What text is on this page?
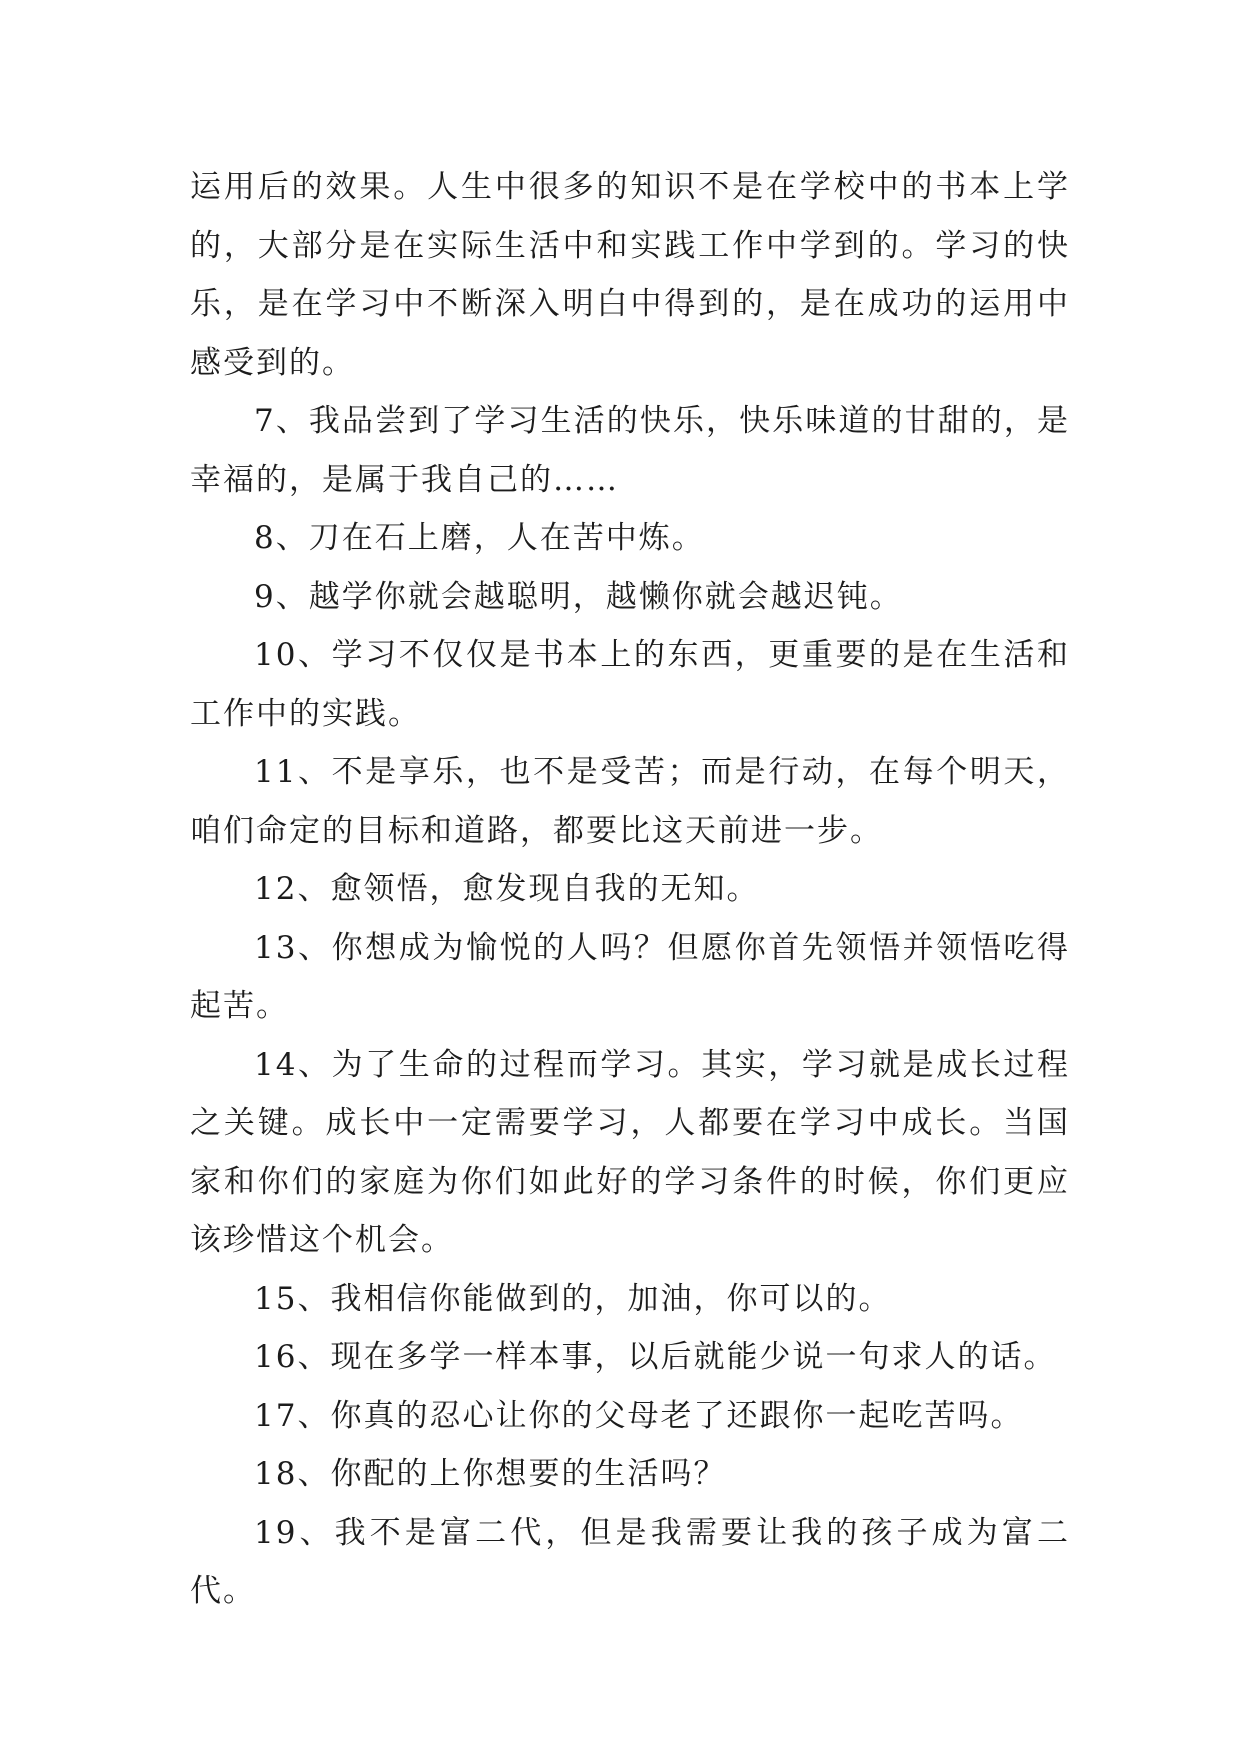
运用后的效果。人生中很多的知识不是在学校中的书本上学的，大部分是在实际生活中和实践工作中学到的。学习的快乐，是在学习中不断深入明白中得到的，是在成功的运用中感受到的。

7、我品尝到了学习生活的快乐，快乐味道的甘甜的，是幸福的，是属于我自己的……

8、刀在石上磨，人在苦中炼。

9、越学你就会越聪明，越懒你就会越迟钝。

10、学习不仅仅是书本上的东西，更重要的是在生活和工作中的实践。

11、不是享乐，也不是受苦；而是行动，在每个明天，咱们命定的目标和道路，都要比这天前进一步。

12、愈领悟，愈发现自我的无知。

13、你想成为愉悦的人吗？但愿你首先领悟并领悟吃得起苦。

14、为了生命的过程而学习。其实，学习就是成长过程之关键。成长中一定需要学习，人都要在学习中成长。当国家和你们的家庭为你们如此好的学习条件的时候，你们更应该珍惜这个机会。

15、我相信你能做到的，加油，你可以的。

16、现在多学一样本事，以后就能少说一句求人的话。

17、你真的忍心让你的父母老了还跟你一起吃苦吗。

18、你配的上你想要的生活吗？

19、我不是富二代，但是我需要让我的孩子成为富二代。
